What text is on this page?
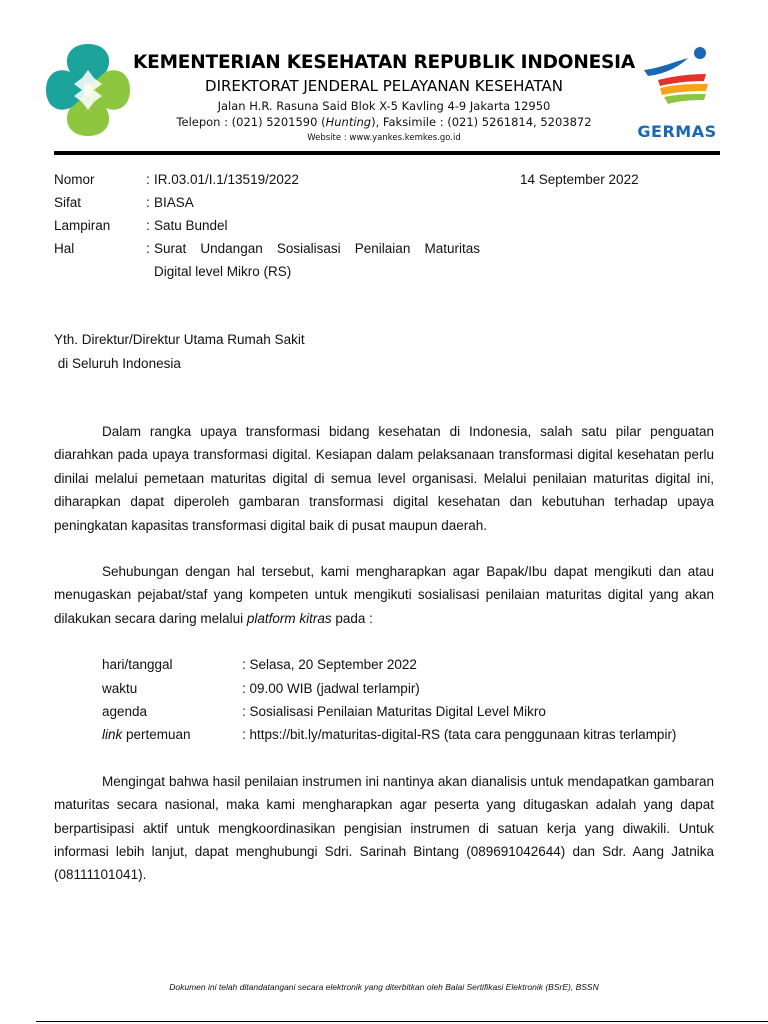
KEMENTERIAN KESEHATAN REPUBLIK INDONESIA
DIREKTORAT JENDERAL PELAYANAN KESEHATAN
Jalan H.R. Rasuna Said Blok X-5 Kavling 4-9 Jakarta 12950
Telepon : (021) 5201590 (Hunting), Faksimile : (021) 5261814, 5203872
Website : www.yankes.kemkes.go.id	GERMAS
Nomor	: IR.03.01/I.1/13519/2022	14 September 2022
Sifat	: BIASA
Lampiran	: Satu Bundel
Hal	: Surat Undangan Sosialisasi Penilaian Maturitas
Digital level Mikro (RS)
Yth. Direktur/Direktur Utama Rumah Sakit
di Seluruh Indonesia

Dalam rangka upaya transformasi bidang kesehatan di Indonesia, salah satu pilar penguatan diarahkan pada upaya transformasi digital. Kesiapan dalam pelaksanaan transformasi digital kesehatan perlu dinilai melalui pemetaan maturitas digital di semua level organisasi. Melalui penilaian maturitas digital ini, diharapkan dapat diperoleh gambaran transformasi digital kesehatan dan kebutuhan terhadap upaya peningkatan kapasitas transformasi digital baik di pusat maupun daerah.

Sehubungan dengan hal tersebut, kami mengharapkan agar Bapak/Ibu dapat mengikuti dan atau menugaskan pejabat/staf yang kompeten untuk mengikuti sosialisasi penilaian maturitas digital yang akan dilakukan secara daring melalui platform kitras pada :

hari/tanggal	: Selasa, 20 September 2022
waktu	: 09.00 WIB (jadwal terlampir)
agenda	: Sosialisasi Penilaian Maturitas Digital Level Mikro
link pertemuan	: https://bit.ly/maturitas-digital-RS (tata cara penggunaan kitras terlampir)

Mengingat bahwa hasil penilaian instrumen ini nantinya akan dianalisis untuk mendapatkan gambaran maturitas secara nasional, maka kami mengharapkan agar peserta yang ditugaskan adalah yang dapat berpartisipasi aktif untuk mengkoordinasikan pengisian instrumen di satuan kerja yang diwakili. Untuk informasi lebih lanjut, dapat menghubungi Sdri. Sarinah Bintang (089691042644) dan Sdr. Aang Jatnika (08111101041).

Dokumen ini telah ditandatangani secara elektronik yang diterbitkan oleh Balai Sertifikasi Elektronik (BSrE), BSSN
